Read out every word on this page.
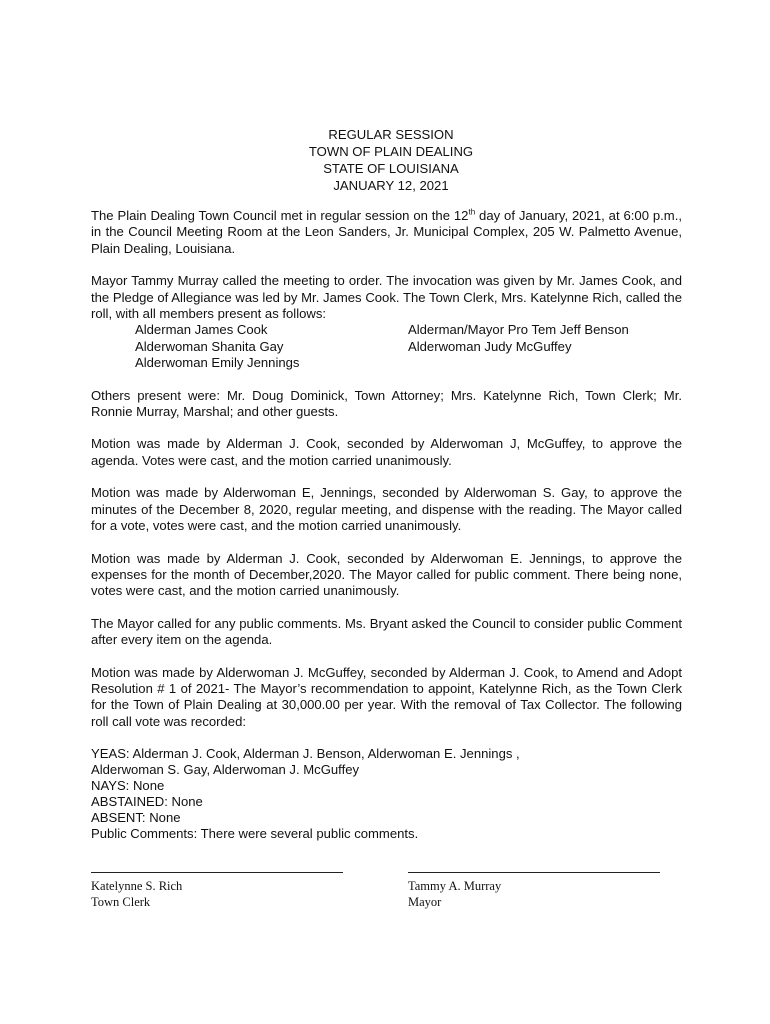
REGULAR SESSION
TOWN OF PLAIN DEALING
STATE OF LOUISIANA
JANUARY 12, 2021

The Plain Dealing Town Council met in regular session on the 12th day of January, 2021, at 6:00 p.m., in the Council Meeting Room at the Leon Sanders, Jr. Municipal Complex, 205 W. Palmetto Avenue, Plain Dealing, Louisiana.

Mayor Tammy Murray called the meeting to order. The invocation was given by Mr. James Cook, and the Pledge of Allegiance was led by Mr. James Cook. The Town Clerk, Mrs. Katelynne Rich, called the roll, with all members present as follows:

Alderman James Cook	Alderman/Mayor Pro Tem Jeff Benson
Alderwoman Shanita Gay	Alderwoman Judy McGuffey
Alderwoman Emily Jennings

Others present were: Mr. Doug Dominick, Town Attorney; Mrs. Katelynne Rich, Town Clerk; Mr. Ronnie Murray, Marshal; and other guests.

Motion was made by Alderman J. Cook, seconded by Alderwoman J, McGuffey, to approve the agenda. Votes were cast, and the motion carried unanimously.

Motion was made by Alderwoman E, Jennings, seconded by Alderwoman S. Gay, to approve the minutes of the December 8, 2020, regular meeting, and dispense with the reading. The Mayor called for a vote, votes were cast, and the motion carried unanimously.

Motion was made by Alderman J. Cook, seconded by Alderwoman E. Jennings, to approve the expenses for the month of December,2020. The Mayor called for public comment. There being none, votes were cast, and the motion carried unanimously.

The Mayor called for any public comments. Ms. Bryant asked the Council to consider public Comment after every item on the agenda.

Motion was made by Alderwoman J. McGuffey, seconded by Alderman J. Cook, to Amend and Adopt Resolution # 1 of 2021- The Mayor’s recommendation to appoint, Katelynne Rich, as the Town Clerk for the Town of Plain Dealing at 30,000.00 per year. With the removal of Tax Collector. The following roll call vote was recorded:

YEAS: Alderman J. Cook, Alderman J. Benson, Alderwoman E. Jennings ,
Alderwoman S. Gay, Alderwoman J. McGuffey
NAYS: None
ABSTAINED: None
ABSENT: None
Public Comments: There were several public comments.
Katelynne S. Rich
Town Clerk
Tammy A. Murray
Mayor
